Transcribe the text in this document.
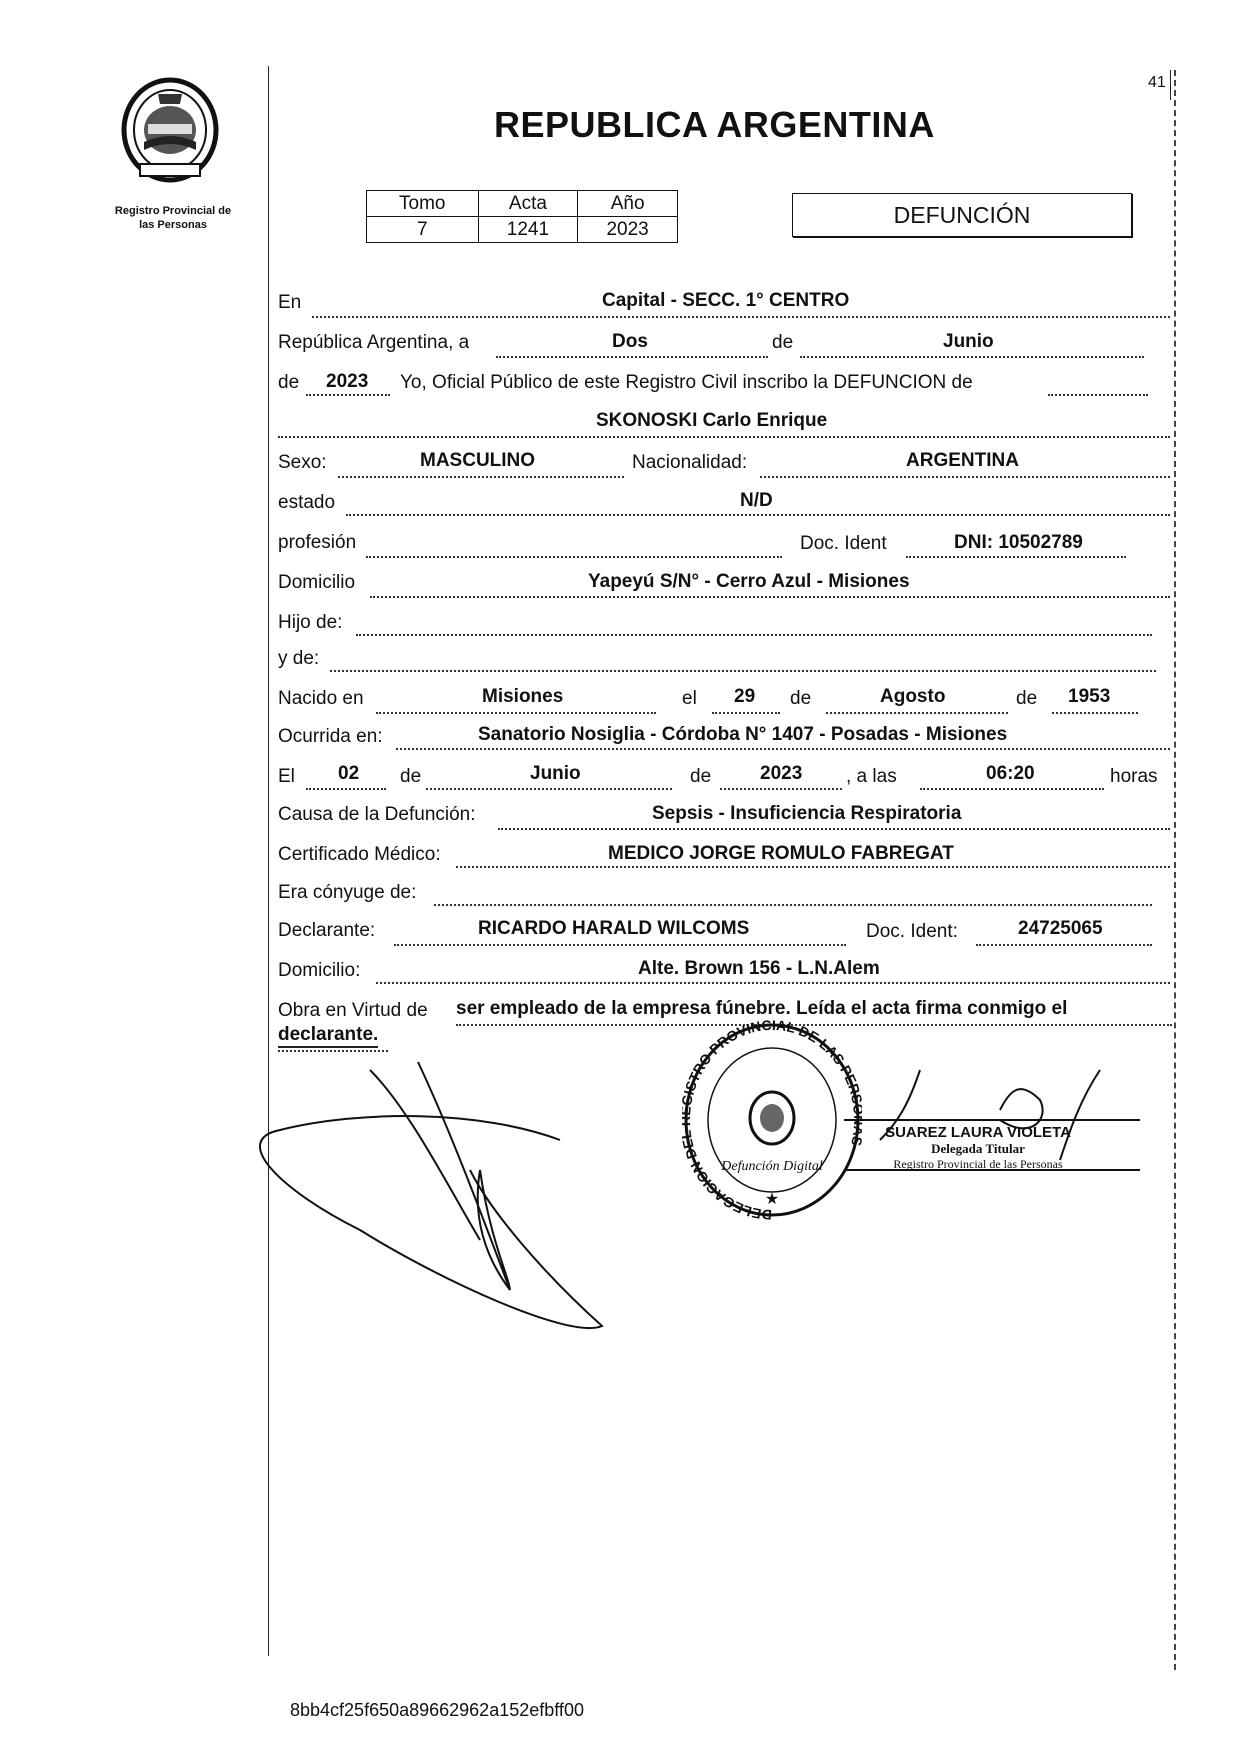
Registro Provincial de
las Personas
41
REPUBLICA ARGENTINA
Tomo	Acta	Año
7	1241	2023
DEFUNCIÓN
En	Capital - SECC. 1° CENTRO
República Argentina, a	Dos	de	Junio
de 2023 Yo, Oficial Público de este Registro Civil inscribo la DEFUNCION de
SKONOSKI Carlo Enrique
Sexo:	MASCULINO	Nacionalidad:	ARGENTINA
estado	N/D
profesión	Doc. Ident	DNI: 10502789
Domicilio	Yapeyú S/N° - Cerro Azul - Misiones
Hijo de:
y de:
Nacido en	Misiones	el 29 de	Agosto	de 1953
Ocurrida en:	Sanatorio Nosiglia - Córdoba N° 1407 - Posadas - Misiones
El 02 de	Junio	de	2023 , a las	06:20	horas
Causa de la Defunción:	Sepsis - Insuficiencia Respiratoria
Certificado Médico:	MEDICO JORGE ROMULO FABREGAT
Era cónyuge de:
Declarante:	RICARDO HARALD WILCOMS	Doc. Ident:	24725065
Domicilio:	Alte. Brown 156 - L.N.Alem
Obra en Virtud de ser empleado de la empresa fúnebre. Leída el acta firma conmigo el
declarante.
DELEGACION D ISTRO PROVINCIAL DE LAS PER
Defunción Digital
★
SUAREZ LAURA VIOLETA
Delegada Titular
Registro Provincial de las Personas
8bb4cf25f650a89662962a152efbff00
